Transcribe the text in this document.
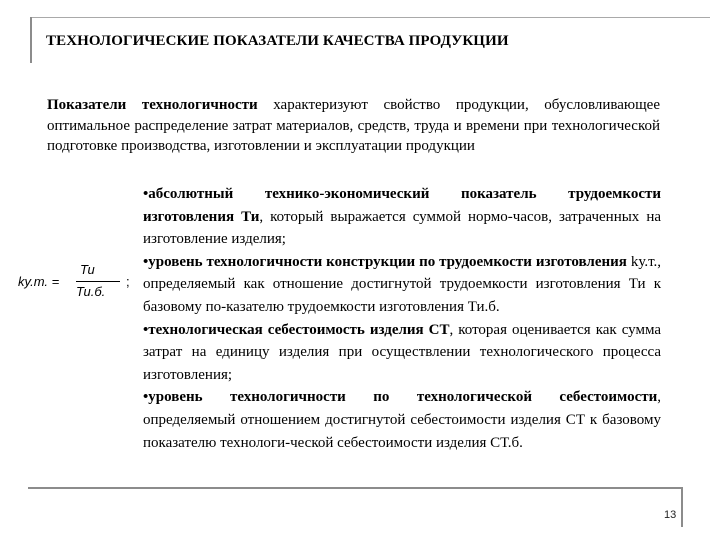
ТЕХНОЛОГИЧЕСКИЕ ПОКАЗАТЕЛИ КАЧЕСТВА ПРОДУКЦИИ
Показатели технологичности характеризуют свойство продукции, обусловливающее оптимальное распределение затрат материалов, средств, труда и времени при технологической подготовке производства, изготовлении и эксплуатации продукции
kу.т. =
Ти
Ти.б.
;

•абсолютный технико-экономический показатель трудоемкости изготовления Ти, который выражается суммой нормо-часов, затраченных на изготовление изделия;

•уровень технологичности конструкции по трудоемкости изготовления kу.т., определяемый как отношение достигнутой трудоемкости изготовления Ти к базовому по-казателю трудоемкости изготовления Ти.б.

•технологическая себестоимость изделия СТ, которая оценивается как сумма затрат на единицу изделия при осуществлении технологического процесса изготовления;

•уровень технологичности по технологической себестоимости, определяемый отношением достигнутой себестоимости изделия СТ к базовому показателю технологи-ческой себестоимости изделия СТ.б.

13
